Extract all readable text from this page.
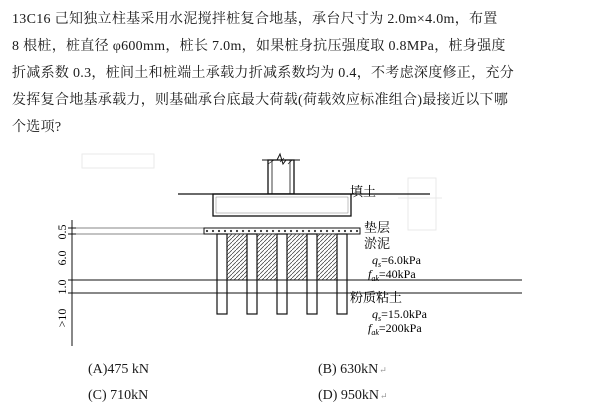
13C16 己知独立柱基采用水泥搅拌桩复合地基，承台尺寸为 2.0m×4.0m，布置
8 根桩，桩直径 φ600mm，桩长 7.0m，如果桩身抗压强度取 0.8MPa，桩身强度
折减系数 0.3，桩间土和桩端土承载力折减系数均为 0.4，不考虑深度修正，充分
发挥复合地基承载力，则基础承台底最大荷载(荷载效应标准组合)最接近以下哪
个选项?
0.5
6.0
1.0
>10
填土
垫层
淤泥
$q_s=6.0kPa$
$f_{ak}=40kPa$
粉质粘土
$q_s=15.0kPa$
$f_{ak}=200kPa$
(A)475 kN	(B) 630kN↵
(C) 710kN	(D) 950kN↵
